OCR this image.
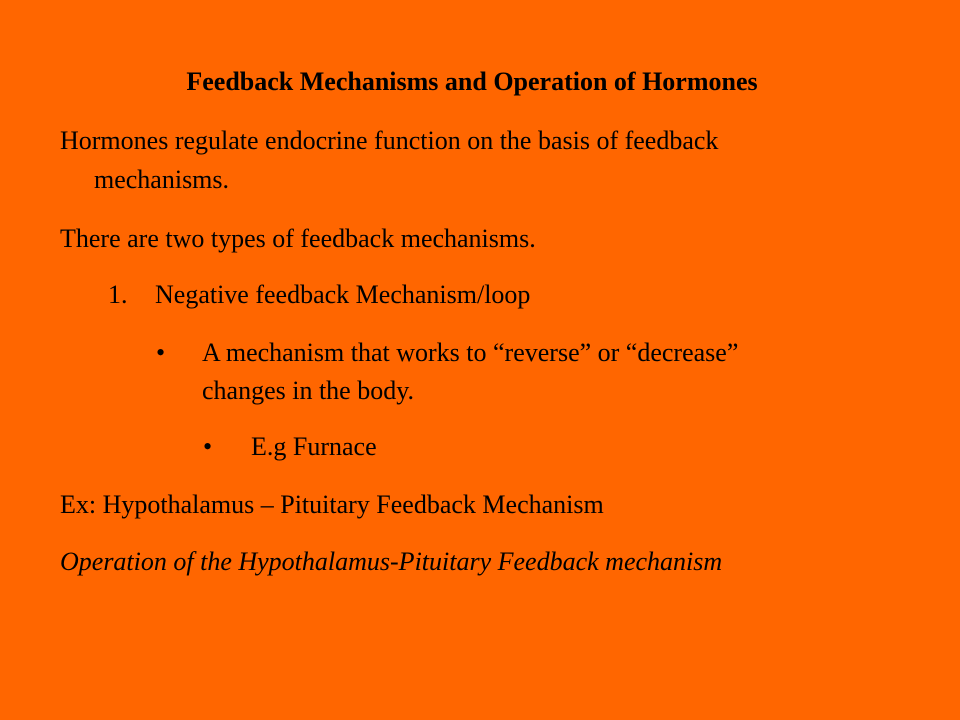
Feedback Mechanisms and Operation of Hormones
Hormones regulate endocrine function on the basis of feedback
mechanisms.
There are two types of feedback mechanisms.
1. Negative feedback Mechanism/loop
• A mechanism that works to “reverse” or “decrease”
changes in the body.
• E.g Furnace
Ex: Hypothalamus – Pituitary Feedback Mechanism
Operation of the Hypothalamus-Pituitary Feedback mechanism
